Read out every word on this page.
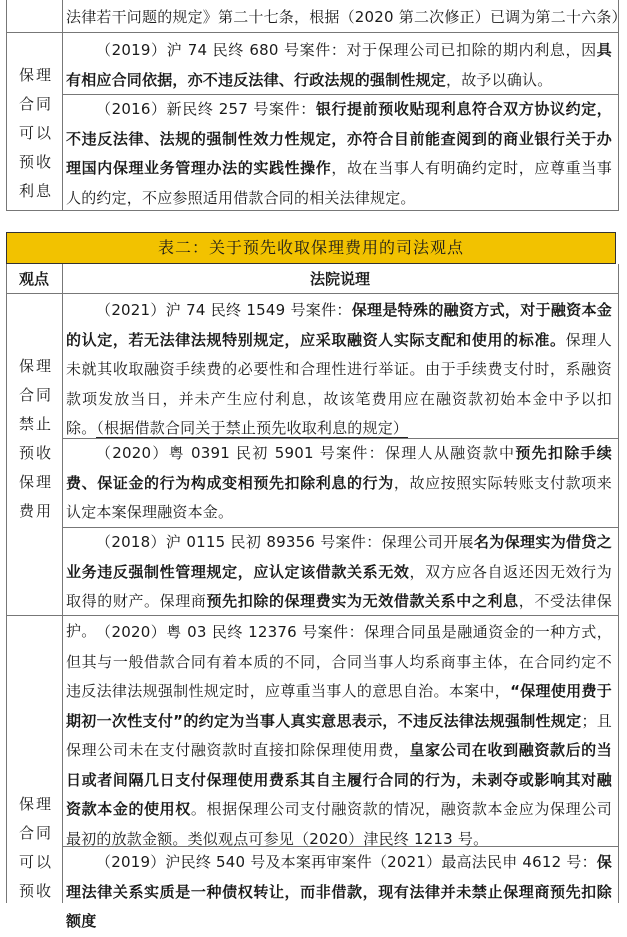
法律若干问题的规定》第二十七条，根据（2020 第二次修正）已调为第二十六条）
保理
合同
可以
预收
利息
（2019）沪 74 民终 680 号案件：对于保理公司已扣除的期内利息，因具有相应合同依据，亦不违反法律、行政法规的强制性规定，故予以确认。
（2016）新民终 257 号案件：银行提前预收贴现利息符合双方协议约定，不违反法律、法规的强制性效力性规定，亦符合目前能查阅到的商业银行关于办理国内保理业务管理办法的实践性操作，故在当事人有明确约定时，应尊重当事人的约定，不应参照适用借款合同的相关法律规定。
表二：关于预先收取保理费用的司法观点
观点	法院说理
保理
合同
禁止
预收
保理
费用
（2021）沪 74 民终 1549 号案件：保理是特殊的融资方式，对于融资本金的认定，若无法律法规特别规定，应采取融资人实际支配和使用的标准。保理人未就其收取融资手续费的必要性和合理性进行举证。由于手续费支付时，系融资款项发放当日，并未产生应付利息，故该笔费用应在融资款初始本金中予以扣除。（根据借款合同关于禁止预先收取利息的规定）
（2020）粤 0391 民初 5901 号案件：保理人从融资款中预先扣除手续费、保证金的行为构成变相预先扣除利息的行为，故应按照实际转账支付款项来认定本案保理融资本金。
（2018）沪 0115 民初 89356 号案件：保理公司开展名为保理实为借贷之业务违反强制性管理规定，应认定该借款关系无效，双方应各自返还因无效行为取得的财产。保理商预先扣除的保理费实为无效借款关系中之利息，不受法律保护。
保理
合同
可以
预收
（2020）粤 03 民终 12376 号案件：保理合同虽是融通资金的一种方式，但其与一般借款合同有着本质的不同，合同当事人均系商事主体，在合同约定不违反法律法规强制性规定时，应尊重当事人的意思自治。本案中，“保理使用费于期初一次性支付”的约定为当事人真实意思表示，不违反法律法规强制性规定；且保理公司未在支付融资款时直接扣除保理使用费，皇家公司在收到融资款后的当日或者间隔几日支付保理使用费系其自主履行合同的行为，未剥夺或影响其对融资款本金的使用权。根据保理公司支付融资款的情况，融资款本金应为保理公司最初的放款金额。类似观点可参见（2020）津民终 1213 号。
（2019）沪民终 540 号及本案再审案件（2021）最高法民申 4612 号：保理法律关系实质是一种债权转让，而非借款，现有法律并未禁止保理商预先扣除额度
